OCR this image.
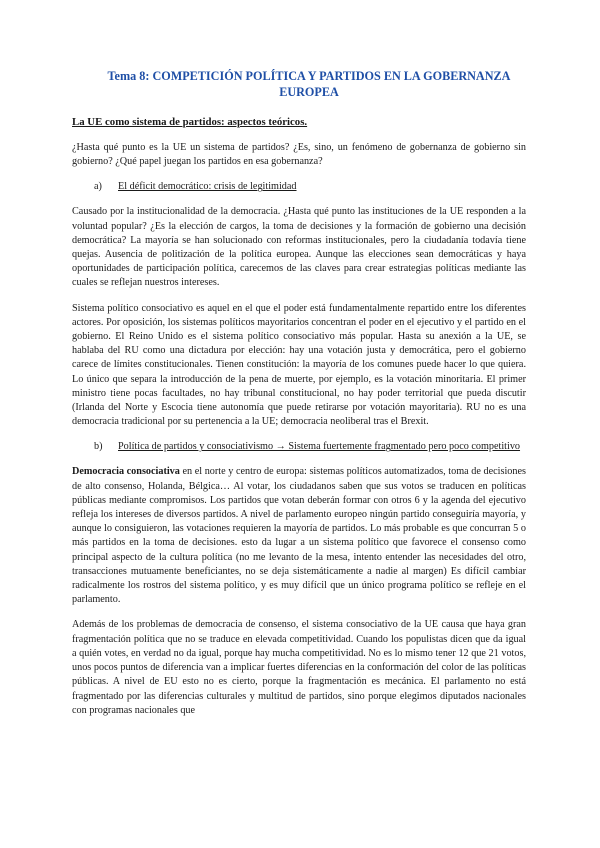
Tema 8: COMPETICIÓN POLÍTICA Y PARTIDOS EN LA GOBERNANZA EUROPEA
La UE como sistema de partidos: aspectos teóricos.

¿Hasta qué punto es la UE un sistema de partidos? ¿Es, sino, un fenómeno de gobernanza de gobierno sin gobierno? ¿Qué papel juegan los partidos en esa gobernanza?

a)	El déficit democrático: crisis de legitimidad

Causado por la institucionalidad de la democracia. ¿Hasta qué punto las instituciones de la UE responden a la voluntad popular? ¿Es la elección de cargos, la toma de decisiones y la formación de gobierno una decisión democrática? La mayoría se han solucionado con reformas institucionales, pero la ciudadanía todavía tiene quejas. Ausencia de politización de la política europea. Aunque las elecciones sean democráticas y haya oportunidades de participación política, carecemos de las claves para crear estrategias políticas mediante las cuales se reflejan nuestros intereses.

Sistema político consociativo es aquel en el que el poder está fundamentalmente repartido entre los diferentes actores. Por oposición, los sistemas políticos mayoritarios concentran el poder en el ejecutivo y el partido en el gobierno. El Reino Unido es el sistema político consociativo más popular. Hasta su anexión a la UE, se hablaba del RU como una dictadura por elección: hay una votación justa y democrática, pero el gobierno carece de límites constitucionales. Tienen constitución: la mayoría de los comunes puede hacer lo que quiera. Lo único que separa la introducción de la pena de muerte, por ejemplo, es la votación minoritaria. El primer ministro tiene pocas facultades, no hay tribunal constitucional, no hay poder territorial que pueda discutir (Irlanda del Norte y Escocia tiene autonomía que puede retirarse por votación mayoritaria). RU no es una democracia tradicional por su pertenencia a la UE; democracia neoliberal tras el Brexit.

b)	Política de partidos y consociativismo → Sistema fuertemente fragmentado pero poco competitivo

Democracia consociativa en el norte y centro de europa: sistemas políticos automatizados, toma de decisiones de alto consenso, Holanda, Bélgica… Al votar, los ciudadanos saben que sus votos se traducen en políticas públicas mediante compromisos. Los partidos que votan deberán formar con otros 6 y la agenda del ejecutivo refleja los intereses de diversos partidos. A nivel de parlamento europeo ningún partido conseguiría mayoría, y aunque lo consiguieron, las votaciones requieren la mayoría de partidos. Lo más probable es que concurran 5 o más partidos en la toma de decisiones. esto da lugar a un sistema político que favorece el consenso como principal aspecto de la cultura política (no me levanto de la mesa, intento entender las necesidades del otro, transacciones mutuamente beneficiantes, no se deja sistemáticamente a nadie al margen) Es difícil cambiar radicalmente los rostros del sistema político, y es muy difícil que un único programa político se refleje en el parlamento.

Además de los problemas de democracia de consenso, el sistema consociativo de la UE causa que haya gran fragmentación política que no se traduce en elevada competitividad. Cuando los populistas dicen que da igual a quién votes, en verdad no da igual, porque hay mucha competitividad. No es lo mismo tener 12 que 21 votos, unos pocos puntos de diferencia van a implicar fuertes diferencias en la conformación del color de las políticas públicas. A nivel de EU esto no es cierto, porque la fragmentación es mecánica. El parlamento no está fragmentado por las diferencias culturales y multitud de partidos, sino porque elegimos diputados nacionales con programas nacionales que
